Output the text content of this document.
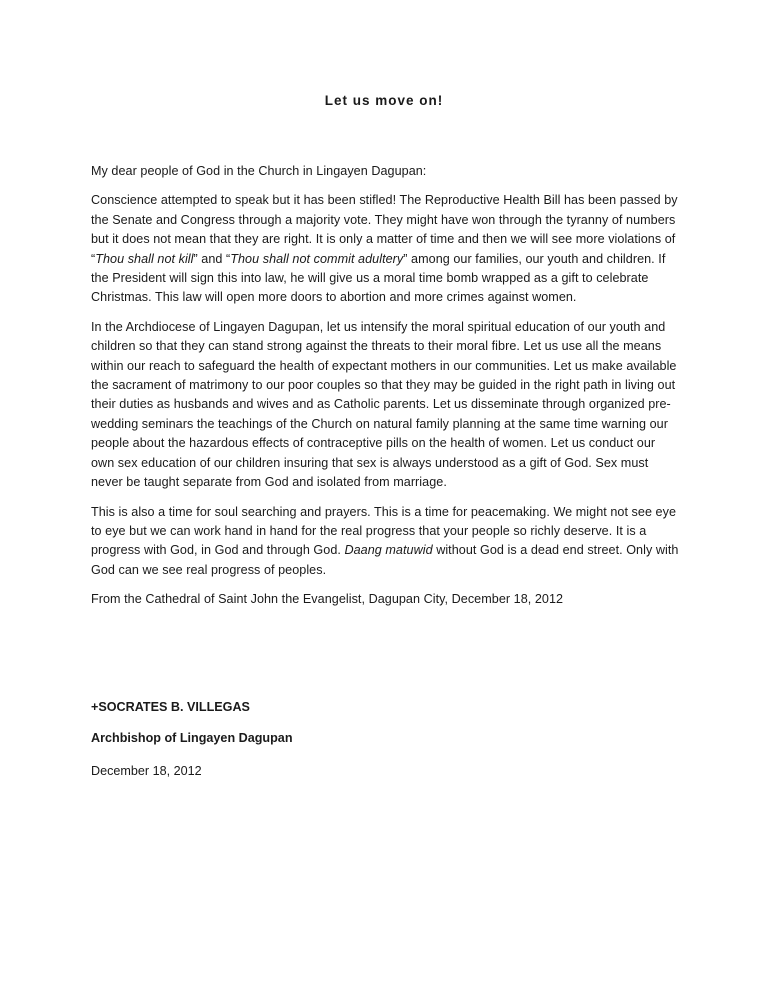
Let us move on!

My dear people of God in the Church in Lingayen Dagupan:

Conscience attempted to speak but it has been stifled! The Reproductive Health Bill has been passed by the Senate and Congress through a majority vote. They might have won through the tyranny of numbers but it does not mean that they are right. It is only a matter of time and then we will see more violations of “Thou shall not kill” and “Thou shall not commit adultery” among our families, our youth and children. If the President will sign this into law, he will give us a moral time bomb wrapped as a gift to celebrate Christmas. This law will open more doors to abortion and more crimes against women.

In the Archdiocese of Lingayen Dagupan, let us intensify the moral spiritual education of our youth and children so that they can stand strong against the threats to their moral fibre. Let us use all the means within our reach to safeguard the health of expectant mothers in our communities. Let us make available the sacrament of matrimony to our poor couples so that they may be guided in the right path in living out their duties as husbands and wives and as Catholic parents. Let us disseminate through organized pre-wedding seminars the teachings of the Church on natural family planning at the same time warning our people about the hazardous effects of contraceptive pills on the health of women. Let us conduct our own sex education of our children insuring that sex is always understood as a gift of God. Sex must never be taught separate from God and isolated from marriage.

This is also a time for soul searching and prayers. This is a time for peacemaking. We might not see eye to eye but we can work hand in hand for the real progress that your people so richly deserve. It is a progress with God, in God and through God. Daang matuwid without God is a dead end street. Only with God can we see real progress of peoples.

From the Cathedral of Saint John the Evangelist, Dagupan City, December 18, 2012

+SOCRATES B. VILLEGAS

Archbishop of Lingayen Dagupan

December 18, 2012
